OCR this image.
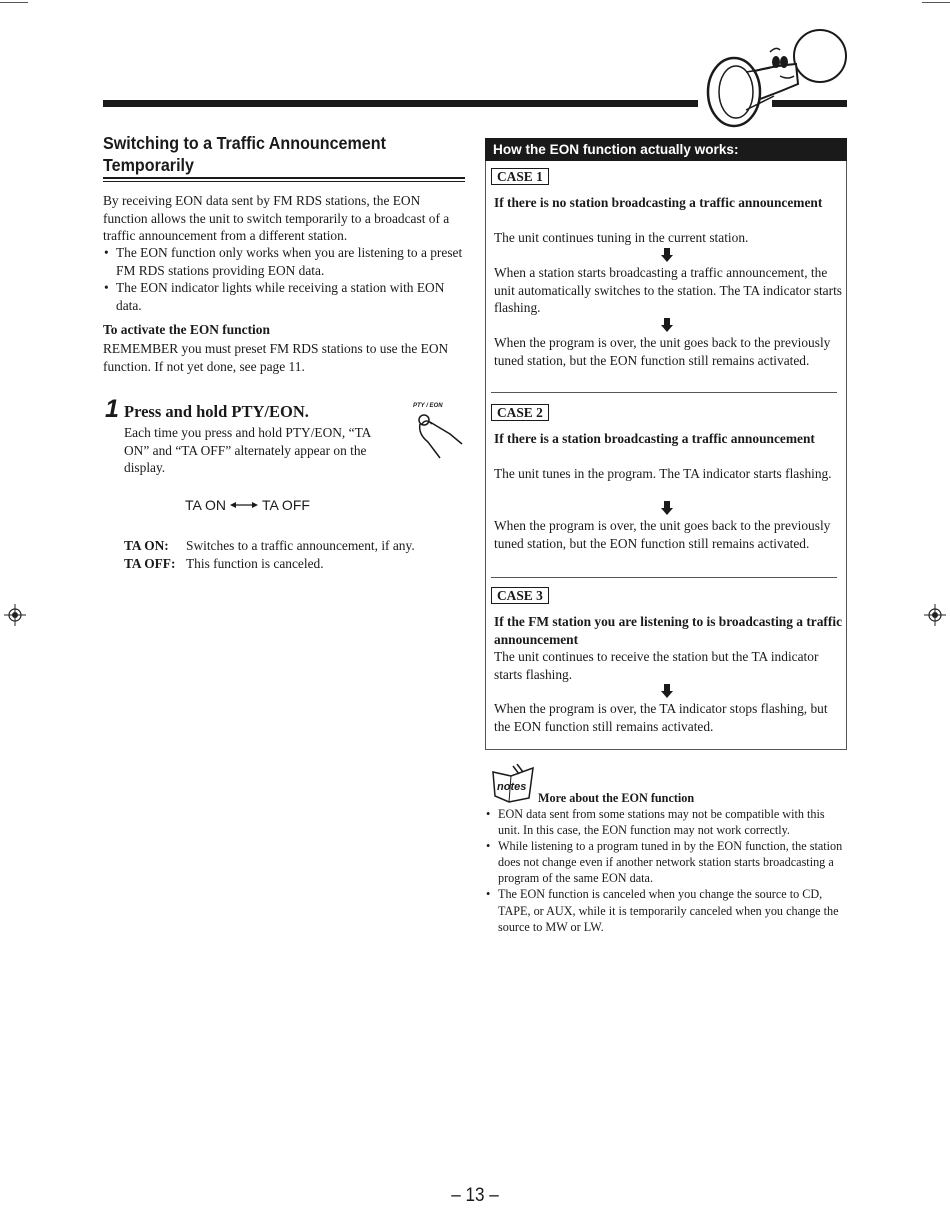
Switching to a Traffic Announcement
Temporarily
By receiving EON data sent by FM RDS stations, the EON function allows the unit to switch temporarily to a broadcast of a traffic announcement from a different station.
• The EON function only works when you are listening to a preset FM RDS stations providing EON data.
• The EON indicator lights while receiving a station with EON data.
To activate the EON function
REMEMBER you must preset FM RDS stations to use the EON function. If not yet done, see page 11.
1 Press and hold PTY/EON.
Each time you press and hold PTY/EON, “TA ON” and “TA OFF” alternately appear on the display.
PTY / EON
TA ON	TA OFF
TA ON:	Switches to a traffic announcement, if any.
TA OFF: This function is canceled.
How the EON function actually works:
CASE 1
If there is no station broadcasting a traffic announcement
The unit continues tuning in the current station.
When a station starts broadcasting a traffic announcement, the unit automatically switches to the station. The TA indicator starts flashing.
When the program is over, the unit goes back to the previously tuned station, but the EON function still remains activated.
CASE 2
If there is a station broadcasting a traffic announcement
The unit tunes in the program. The TA indicator starts flashing.
When the program is over, the unit goes back to the previously tuned station, but the EON function still remains activated.
CASE 3
If the FM station you are listening to is broadcasting a traffic announcement
The unit continues to receive the station but the TA indicator starts flashing.
When the program is over, the TA indicator stops flashing, but the EON function still remains activated.
notes
More about the EON function
• EON data sent from some stations may not be compatible with this unit. In this case, the EON function may not work correctly.
• While listening to a program tuned in by the EON function, the station does not change even if another network station starts broadcasting a program of the same EON data.
• The EON function is canceled when you change the source to CD, TAPE, or AUX, while it is temporarily canceled when you change the source to MW or LW.
– 13 –
